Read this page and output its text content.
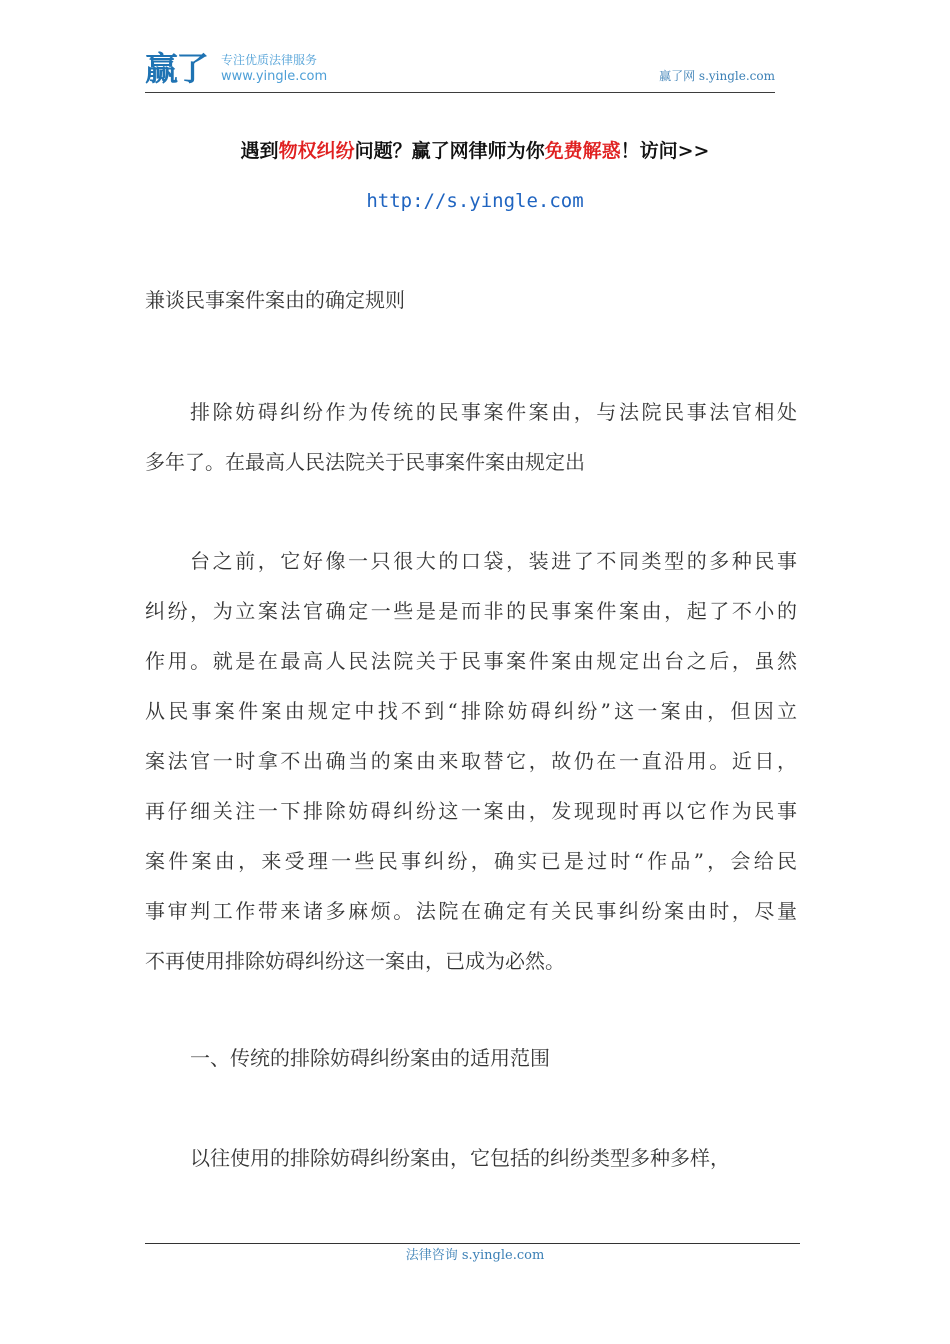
赢了 专注优质法律服务
www.yingle.com	赢了网 s.yingle.com
遇到物权纠纷问题？赢了网律师为你免费解惑！访问>>
http://s.yingle.com
兼谈民事案件案由的确定规则
排除妨碍纠纷作为传统的民事案件案由，与法院民事法官相处
多年了。在最高人民法院关于民事案件案由规定出
台之前，它好像一只很大的口袋，装进了不同类型的多种民事
纠纷，为立案法官确定一些是是而非的民事案件案由，起了不小的
作用。就是在最高人民法院关于民事案件案由规定出台之后，虽然
从民事案件案由规定中找不到“排除妨碍纠纷”这一案由，但因立
案法官一时拿不出确当的案由来取替它，故仍在一直沿用。近日，
再仔细关注一下排除妨碍纠纷这一案由，发现现时再以它作为民事
案件案由，来受理一些民事纠纷，确实已是过时“作品”，会给民
事审判工作带来诸多麻烦。法院在确定有关民事纠纷案由时，尽量
不再使用排除妨碍纠纷这一案由，已成为必然。
一、传统的排除妨碍纠纷案由的适用范围
以往使用的排除妨碍纠纷案由，它包括的纠纷类型多种多样，
法律咨询 s.yingle.com
